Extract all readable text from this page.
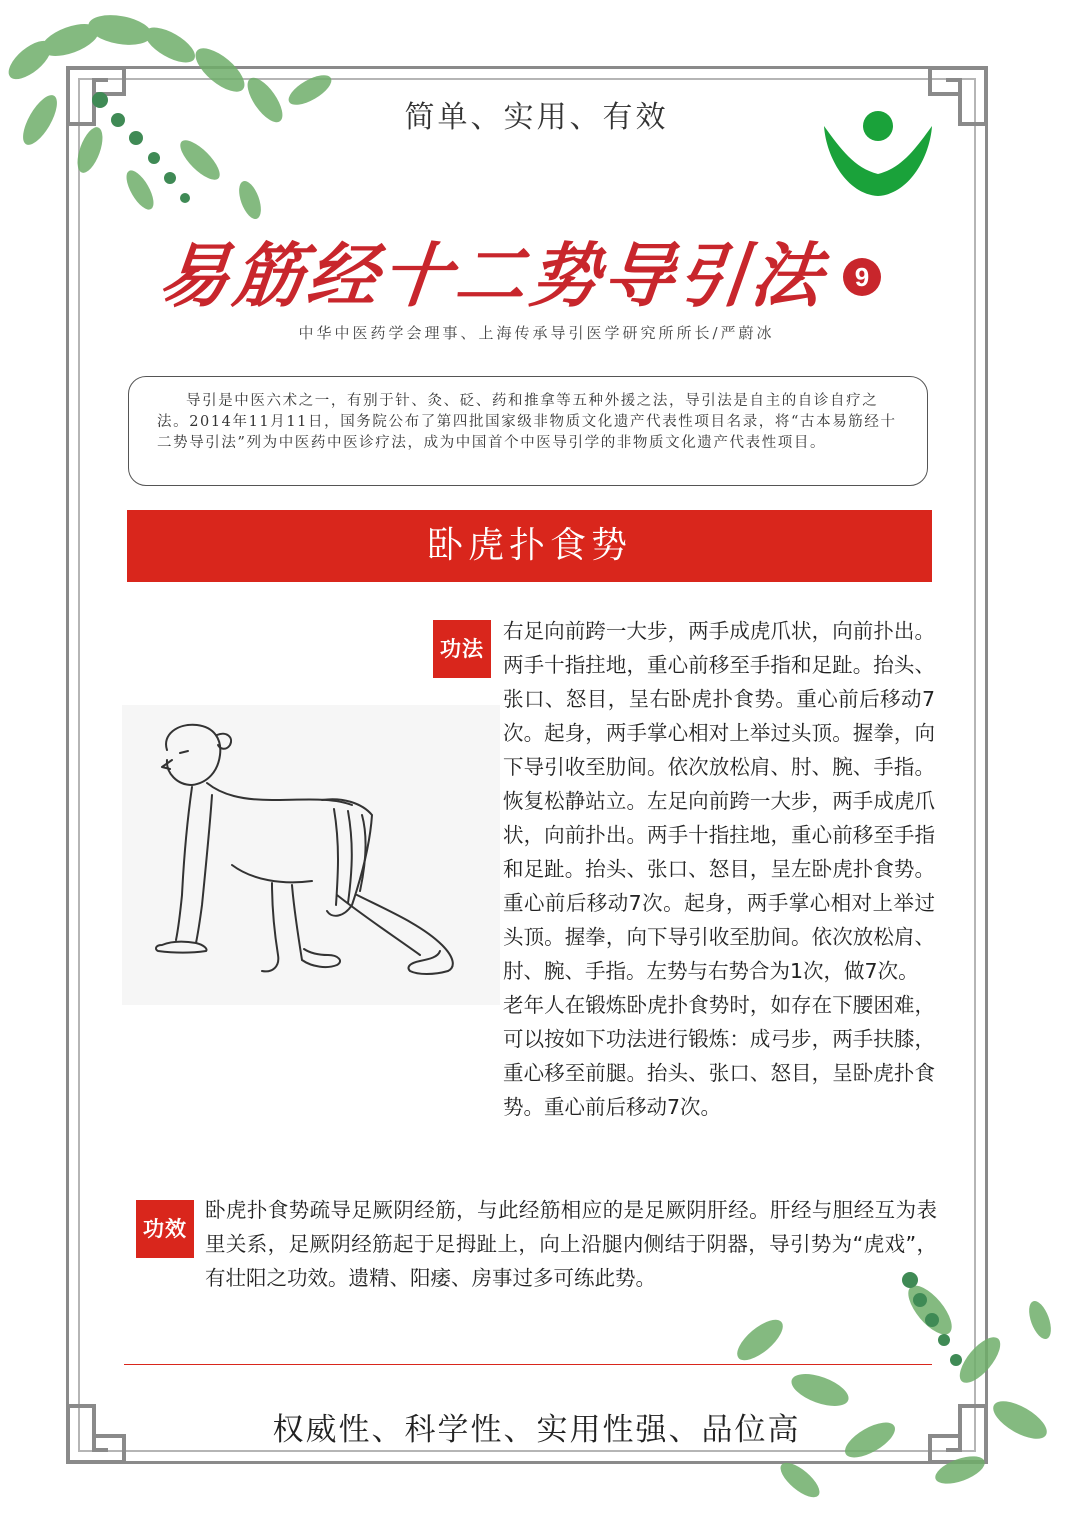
简单、实用、有效
易筋经十二势导引法 9
中华中医药学会理事、上海传承导引医学研究所所长/严蔚冰
导引是中医六术之一，有别于针、灸、砭、药和推拿等五种外援之法，导引法是自主的自诊自疗之法。2014年11月11日，国务院公布了第四批国家级非物质文化遗产代表性项目名录，将“古本易筋经十二势导引法”列为中医药中医诊疗法，成为中国首个中医导引学的非物质文化遗产代表性项目。
卧虎扑食势
功法

右足向前跨一大步，两手成虎爪状，向前扑出。两手十指拄地，重心前移至手指和足趾。抬头、张口、怒目，呈右卧虎扑食势。重心前后移动7次。起身，两手掌心相对上举过头顶。握拳，向下导引收至肋间。依次放松肩、肘、腕、手指。恢复松静站立。左足向前跨一大步，两手成虎爪状，向前扑出。两手十指拄地，重心前移至手指和足趾。抬头、张口、怒目，呈左卧虎扑食势。重心前后移动7次。起身，两手掌心相对上举过头顶。握拳，向下导引收至肋间。依次放松肩、肘、腕、手指。左势与右势合为1次，做7次。

老年人在锻炼卧虎扑食势时，如存在下腰困难，可以按如下功法进行锻炼：成弓步，两手扶膝，重心移至前腿。抬头、张口、怒目，呈卧虎扑食势。重心前后移动7次。

功效
卧虎扑食势疏导足厥阴经筋，与此经筋相应的是足厥阴肝经。肝经与胆经互为表里关系，足厥阴经筋起于足拇趾上，向上沿腿内侧结于阴器，导引势为“虎戏”，有壮阳之功效。遗精、阳痿、房事过多可练此势。
权威性、科学性、实用性强、品位高
